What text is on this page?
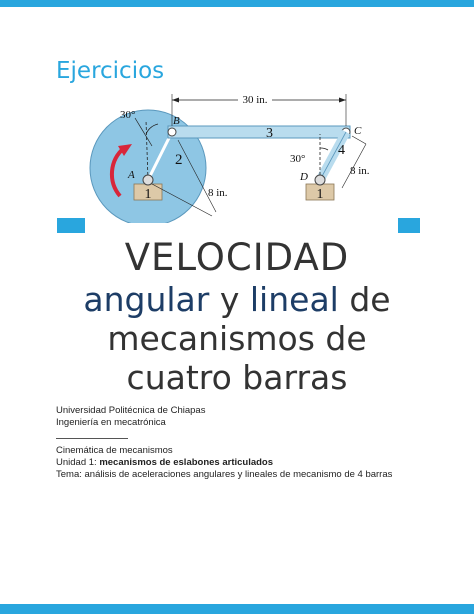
Ejercicios
30 in.
8 in.
8 in.
30°
30°
B
C
A	D
1	1
2
3
4
VELOCIDAD
angular y lineal de
mecanismos de
cuatro barras
Universidad Politécnica de Chiapas
Ingeniería en mecatrónica
Cinemática de mecanismos
Unidad 1: mecanismos de eslabones articulados
Tema: análisis de aceleraciones angulares y lineales de mecanismo de 4 barras
